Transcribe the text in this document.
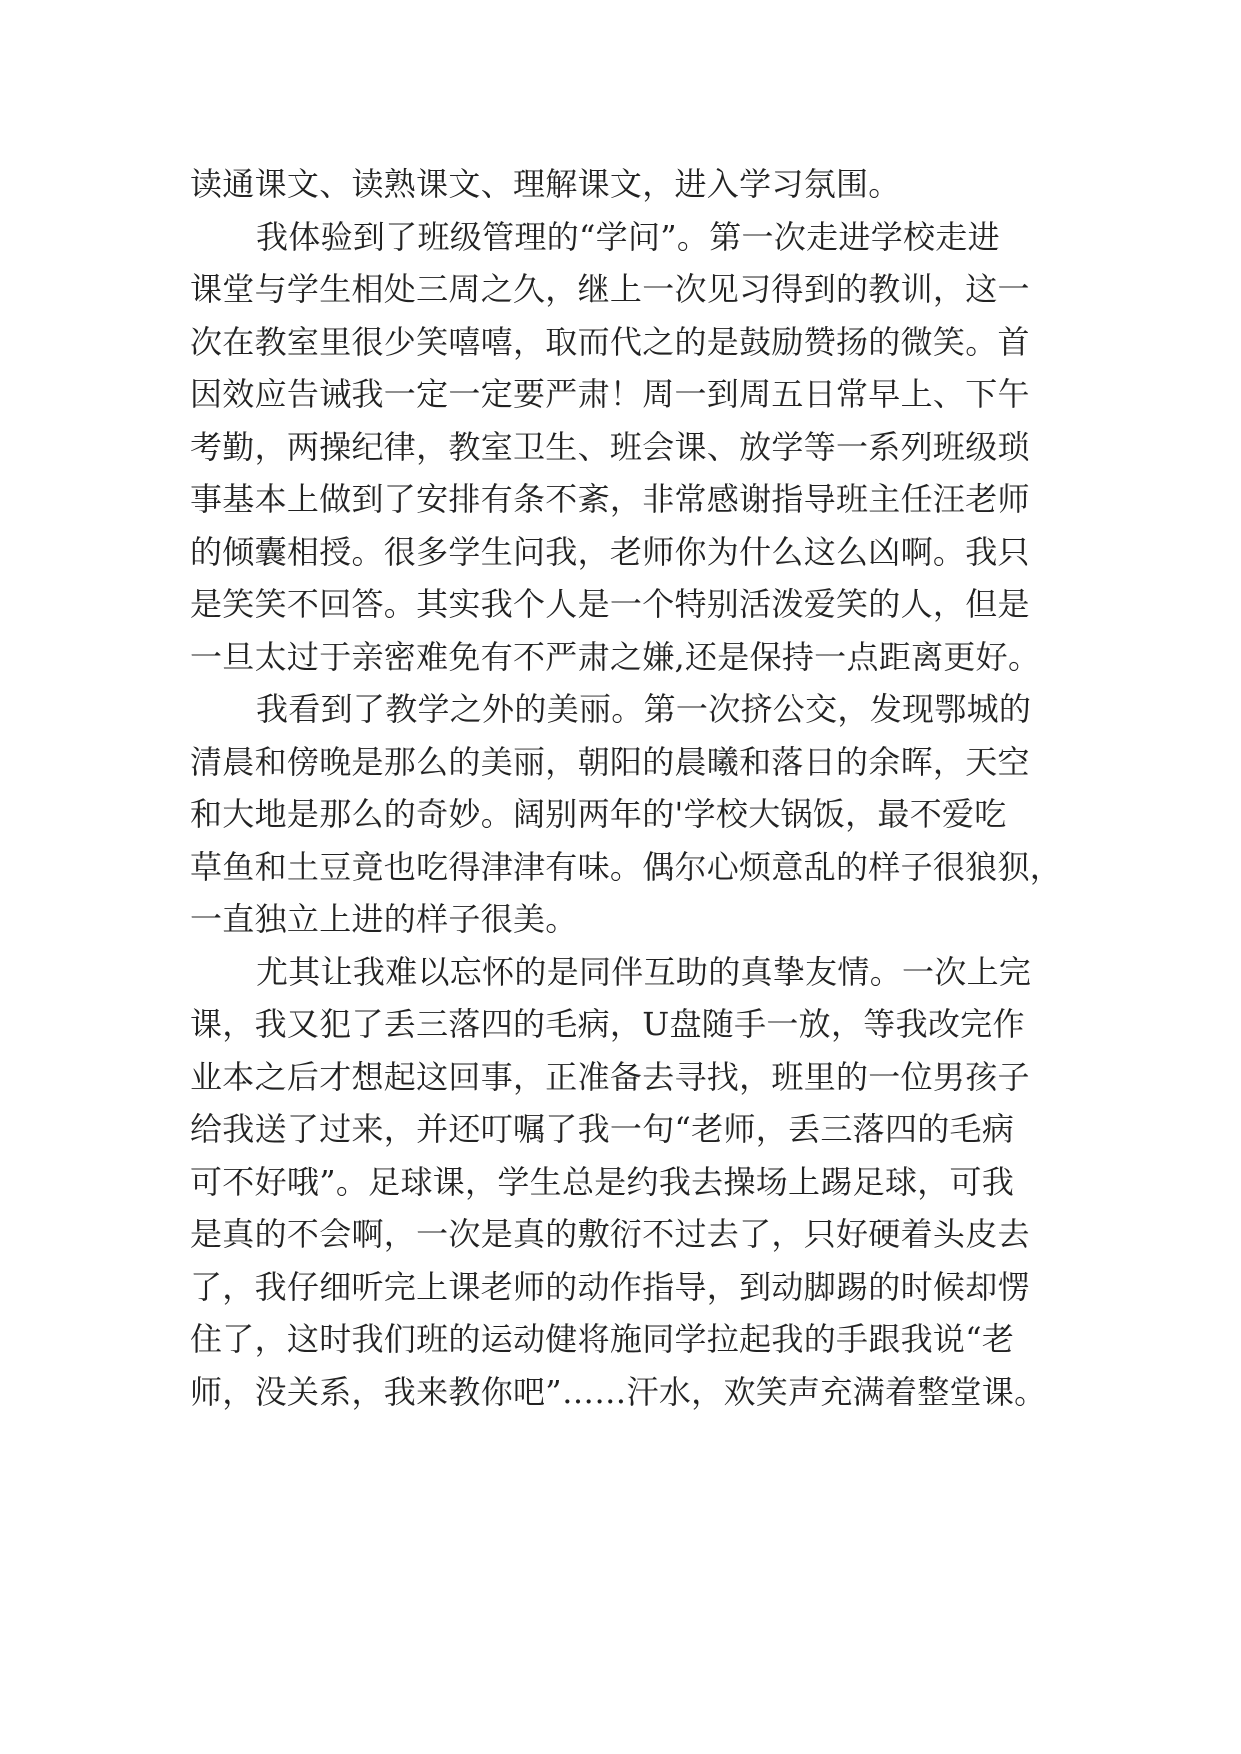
读通课文、读熟课文、理解课文，进入学习氛围。

我体验到了班级管理的“学问”。第一次走进学校走进
课堂与学生相处三周之久，继上一次见习得到的教训，这一
次在教室里很少笑嘻嘻，取而代之的是鼓励赞扬的微笑。首
因效应告诫我一定一定要严肃！周一到周五日常早上、下午
考勤，两操纪律，教室卫生、班会课、放学等一系列班级琐
事基本上做到了安排有条不紊，非常感谢指导班主任汪老师
的倾囊相授。很多学生问我，老师你为什么这么凶啊。我只
是笑笑不回答。其实我个人是一个特别活泼爱笑的人，但是
一旦太过于亲密难免有不严肃之嫌,还是保持一点距离更好。

我看到了教学之外的美丽。第一次挤公交，发现鄂城的
清晨和傍晚是那么的美丽，朝阳的晨曦和落日的余晖，天空
和大地是那么的奇妙。阔别两年的'学校大锅饭，最不爱吃
草鱼和土豆竟也吃得津津有味。偶尔心烦意乱的样子很狼狈，
一直独立上进的样子很美。

尤其让我难以忘怀的是同伴互助的真挚友情。一次上完
课，我又犯了丢三落四的毛病，U盘随手一放，等我改完作
业本之后才想起这回事，正准备去寻找，班里的一位男孩子
给我送了过来，并还叮嘱了我一句“老师，丢三落四的毛病
可不好哦”。足球课，学生总是约我去操场上踢足球，可我
是真的不会啊，一次是真的敷衍不过去了，只好硬着头皮去
了，我仔细听完上课老师的动作指导，到动脚踢的时候却愣
住了，这时我们班的运动健将施同学拉起我的手跟我说“老
师，没关系，我来教你吧”……汗水，欢笑声充满着整堂课。
